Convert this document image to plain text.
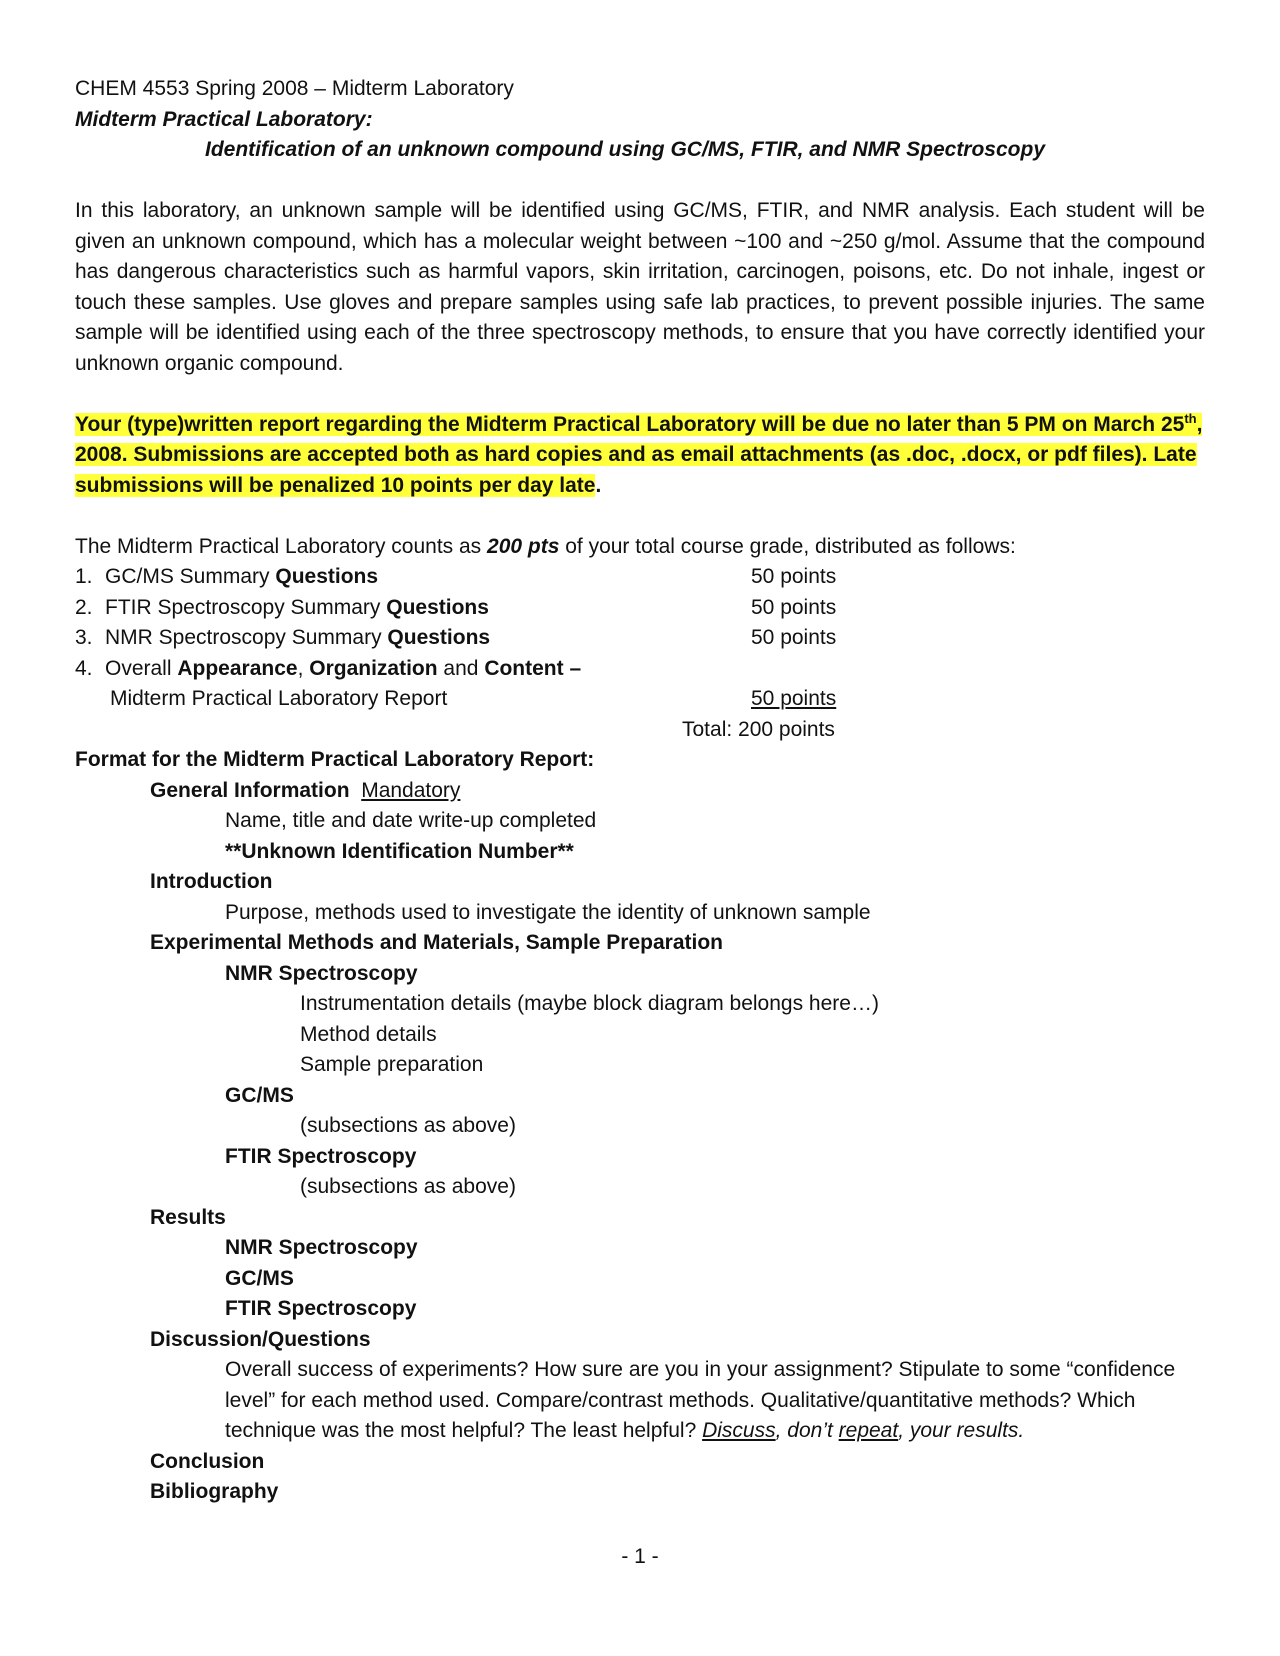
CHEM 4553 Spring 2008 – Midterm Laboratory
Midterm Practical Laboratory:
Identification of an unknown compound using GC/MS, FTIR, and NMR Spectroscopy

In this laboratory, an unknown sample will be identified using GC/MS, FTIR, and NMR analysis. Each student will be given an unknown compound, which has a molecular weight between ~100 and ~250 g/mol. Assume that the compound has dangerous characteristics such as harmful vapors, skin irritation, carcinogen, poisons, etc. Do not inhale, ingest or touch these samples. Use gloves and prepare samples using safe lab practices, to prevent possible injuries. The same sample will be identified using each of the three spectroscopy methods, to ensure that you have correctly identified your unknown organic compound.

Your (type)written report regarding the Midterm Practical Laboratory will be due no later than 5 PM on March 25th, 2008. Submissions are accepted both as hard copies and as email attachments (as .doc, .docx, or pdf files). Late submissions will be penalized 10 points per day late.

The Midterm Practical Laboratory counts as 200 pts of your total course grade, distributed as follows:
1. GC/MS Summary Questions	50 points
2. FTIR Spectroscopy Summary Questions	50 points
3. NMR Spectroscopy Summary Questions	50 points
4. Overall Appearance, Organization and Content –
Midterm Practical Laboratory Report	50 points
Total: 200 points
Format for the Midterm Practical Laboratory Report:
General Information Mandatory
Name, title and date write-up completed
**Unknown Identification Number**
Introduction
Purpose, methods used to investigate the identity of unknown sample
Experimental Methods and Materials, Sample Preparation
NMR Spectroscopy
Instrumentation details (maybe block diagram belongs here…)
Method details
Sample preparation
GC/MS
(subsections as above)
FTIR Spectroscopy
(subsections as above)
Results
NMR Spectroscopy
GC/MS
FTIR Spectroscopy
Discussion/Questions

Overall success of experiments? How sure are you in your assignment? Stipulate to some “confidence level” for each method used. Compare/contrast methods. Qualitative/quantitative methods? Which technique was the most helpful? The least helpful? Discuss, don’t repeat, your results.

Conclusion
Bibliography
- 1 -
